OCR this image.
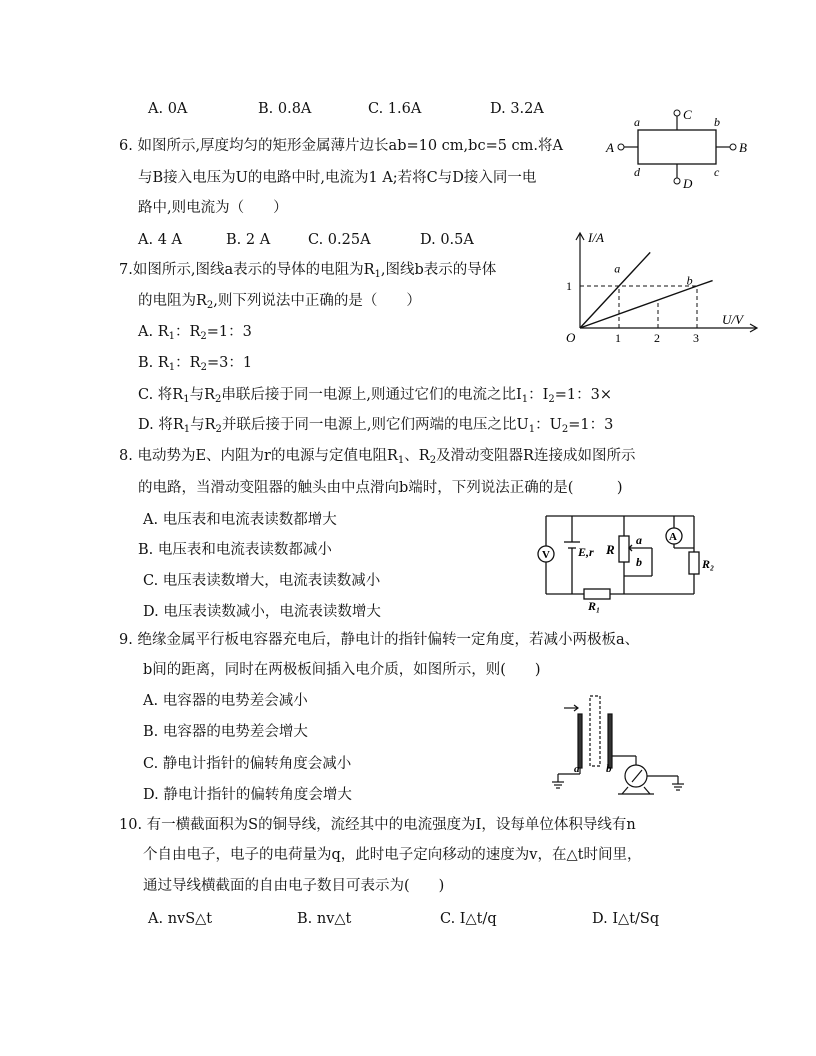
A. 0A	B. 0.8A	C. 1.6A	D. 3.2A
6. 如图所示,厚度均匀的矩形金属薄片边长ab=10 cm,bc=5 cm.将A
与B接入电压为U的电路中时,电流为1 A;若将C与D接入同一电
路中,则电流为（　　）
A. 4 A	B. 2 A	C. 0.25A	D. 0.5A
a	b
c
d
A	B
C
D
7.如图所示,图线a表示的导体的电阻为$R_1$,图线b表示的导体
的电阻为$R_2$,则下列说法中正确的是（　　）
A. $R_1$：$R_2=1$：3
B. $R_1$：$R_2=3$：1
C. 将$R_1$与$R_2$串联后接于同一电源上,则通过它们的电流之比$I_1$：$I_2=1$：3×
D. 将$R_1$与$R_2$并联后接于同一电源上,则它们两端的电压之比$U_1$：$U_2=1$：3
I/A
U/V
O	1	2	3
1
a
b
8. 电动势为E、内阻为r的电源与定值电阻$R_1$、$R_2$及滑动变阻器R连接成如图所示
的电路，当滑动变阻器的触头由中点滑向b端时，下列说法正确的是(　　　)
A. 电压表和电流表读数都增大
B. 电压表和电流表读数都减小
C. 电压表读数增大，电流表读数减小
D. 电压表读数减小，电流表读数增大
V
A
E,r R
a
b
R₁
R₂
9. 绝缘金属平行板电容器充电后，静电计的指针偏转一定角度，若减小两极板a、
b间的距离，同时在两极板间插入电介质，如图所示，则(　　)
A. 电容器的电势差会减小
B. 电容器的电势差会增大
C. 静电计指针的偏转角度会减小
D. 静电计指针的偏转角度会增大
a b
10. 有一横截面积为S的铜导线，流经其中的电流强度为I，设每单位体积导线有n
个自由电子，电子的电荷量为q，此时电子定向移动的速度为v，在△t时间里，
通过导线横截面的自由电子数目可表示为(　　)
A. nvS△t	B. nv△t	C. I△t/q	D. I△t/Sq
